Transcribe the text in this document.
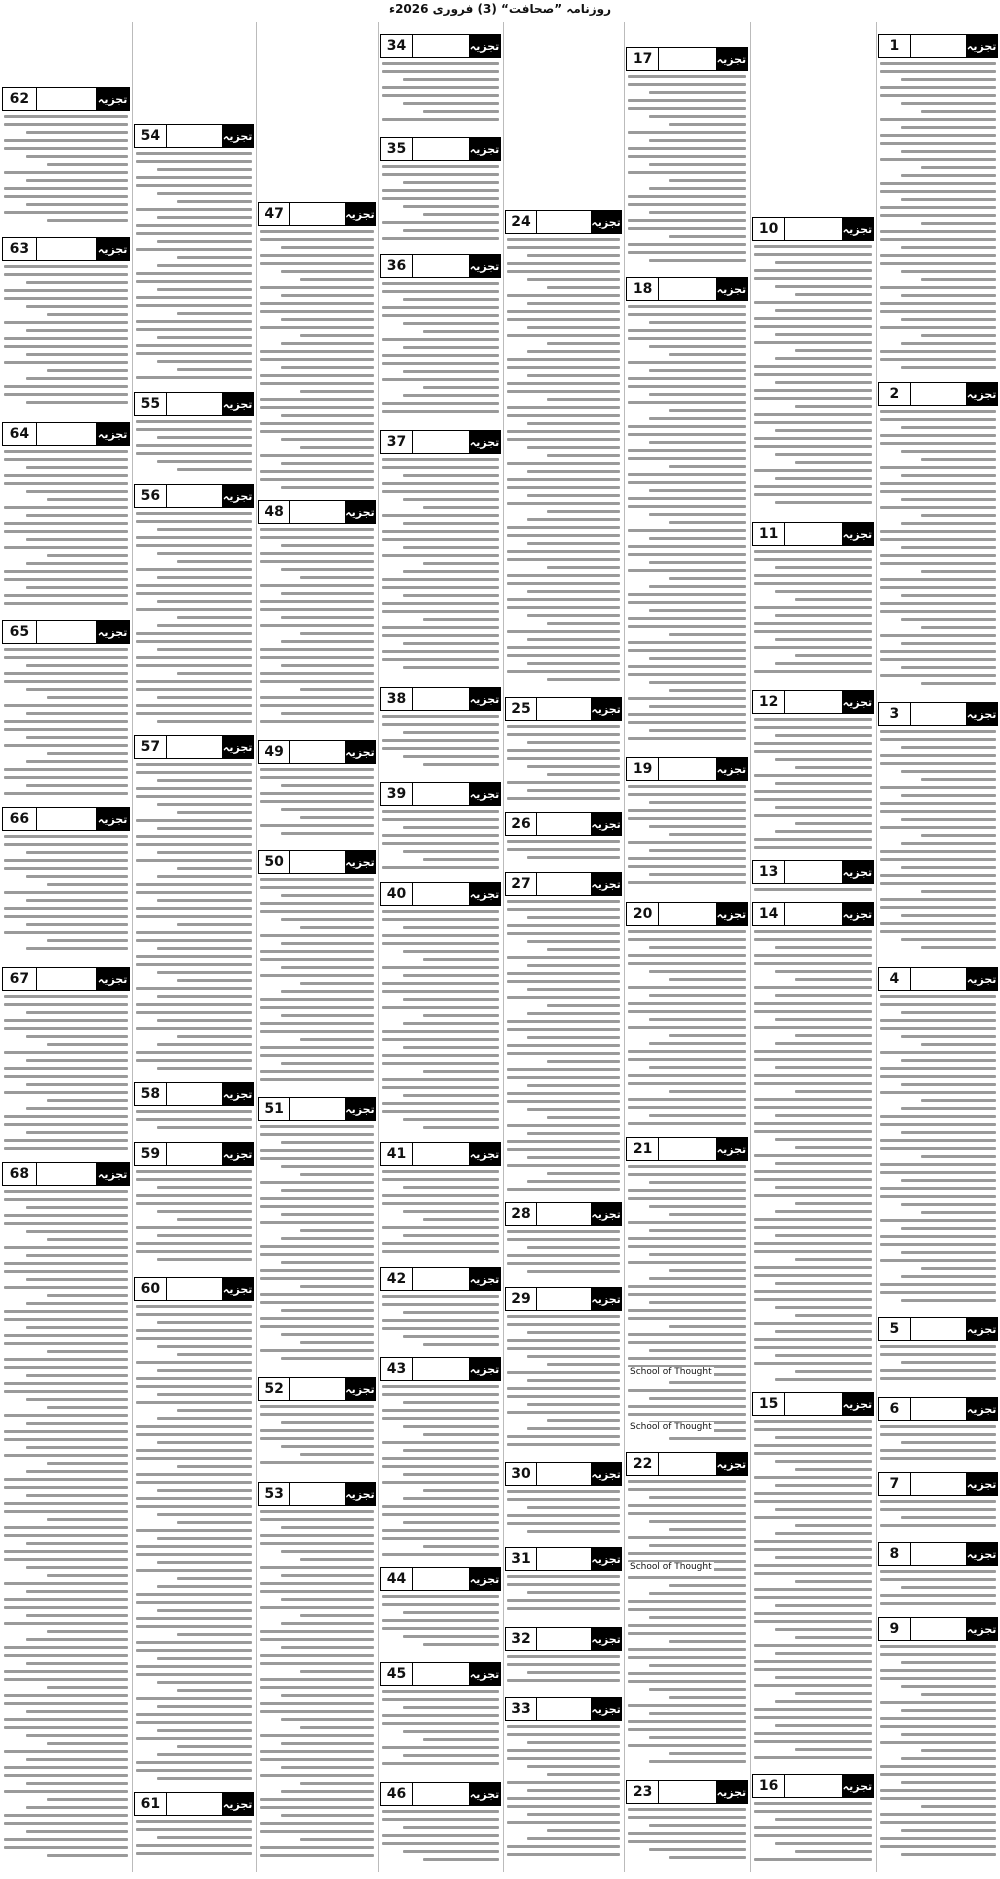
روزنامہ ”صحافت“ (3) فروری 2026ء
1	تجزیہ
2	تجزیہ
3	تجزیہ
4	تجزیہ
5	تجزیہ
6	تجزیہ
7	تجزیہ
8	تجزیہ
9	تجزیہ
10	تجزیہ
11	تجزیہ
12	تجزیہ
13	تجزیہ
14	تجزیہ
15	تجزیہ
16	تجزیہ
17	تجزیہ
18	تجزیہ
19	تجزیہ
20	تجزیہ
21	تجزیہ
22	تجزیہ
23	تجزیہ
24	تجزیہ
25	تجزیہ
26	تجزیہ
27	تجزیہ
28	تجزیہ
29	تجزیہ
30	تجزیہ
31	تجزیہ
32	تجزیہ
33	تجزیہ
34	تجزیہ
35	تجزیہ
36	تجزیہ
37	تجزیہ
38	تجزیہ
39	تجزیہ
40	تجزیہ
41	تجزیہ
42	تجزیہ
43	تجزیہ
44	تجزیہ
45	تجزیہ
46	تجزیہ
47	تجزیہ
48	تجزیہ
49	تجزیہ
50	تجزیہ
51	تجزیہ
52	تجزیہ
53	تجزیہ
54	تجزیہ
55	تجزیہ
56	تجزیہ
57	تجزیہ
58	تجزیہ
59	تجزیہ
60	تجزیہ
61	تجزیہ
62	تجزیہ
63	تجزیہ
64	تجزیہ
65	تجزیہ
66	تجزیہ
67	تجزیہ
68	تجزیہ
School of Thought
School of Thought
School of Thought
